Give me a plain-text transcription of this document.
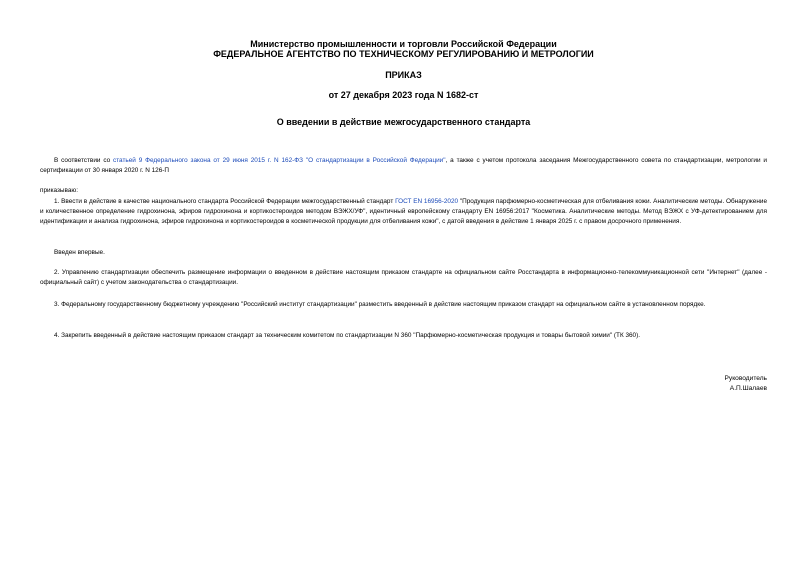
Министерство промышленности и торговли Российской Федерации
ФЕДЕРАЛЬНОЕ АГЕНТСТВО ПО ТЕХНИЧЕСКОМУ РЕГУЛИРОВАНИЮ И МЕТРОЛОГИИ
ПРИКАЗ
от 27 декабря 2023 года N 1682-ст
О введении в действие межгосударственного стандарта

В соответствии со статьей 9 Федерального закона от 29 июня 2015 г. N 162-ФЗ "О стандартизации в Российской Федерации", а также с учетом протокола заседания Межгосударственного совета по стандартизации, метрологии и сертификации от 30 января 2020 г. N 126-П

приказываю:

1. Ввести в действие в качестве национального стандарта Российской Федерации межгосударственный стандарт ГОСТ EN 16956-2020 "Продукция парфюмерно-косметическая для отбеливания кожи. Аналитические методы. Обнаружение и количественное определение гидрохинона, эфиров гидрохинона и кортикостероидов методом ВЭЖХ/УФ", идентичный европейскому стандарту EN 16956:2017 "Косметика. Аналитические методы. Метод ВЭЖХ с УФ-детектированием для идентификации и анализа гидрохинона, эфиров гидрохинона и кортикостероидов в косметической продукции для отбеливания кожи", с датой введения в действие 1 января 2025 г. с правом досрочного применения.

Введен впервые.

2. Управлению стандартизации обеспечить размещение информации о введенном в действие настоящим приказом стандарте на официальном сайте Росстандарта в информационно-телекоммуникационной сети "Интернет" (далее - официальный сайт) с учетом законодательства о стандартизации.

3. Федеральному государственному бюджетному учреждению "Российский институт стандартизации" разместить введенный в действие настоящим приказом стандарт на официальном сайте в установленном порядке.

4. Закрепить введенный в действие настоящим приказом стандарт за техническим комитетом по стандартизации N 360 "Парфюмерно-косметическая продукция и товары бытовой химии" (ТК 360).

Руководитель
А.П.Шалаев
